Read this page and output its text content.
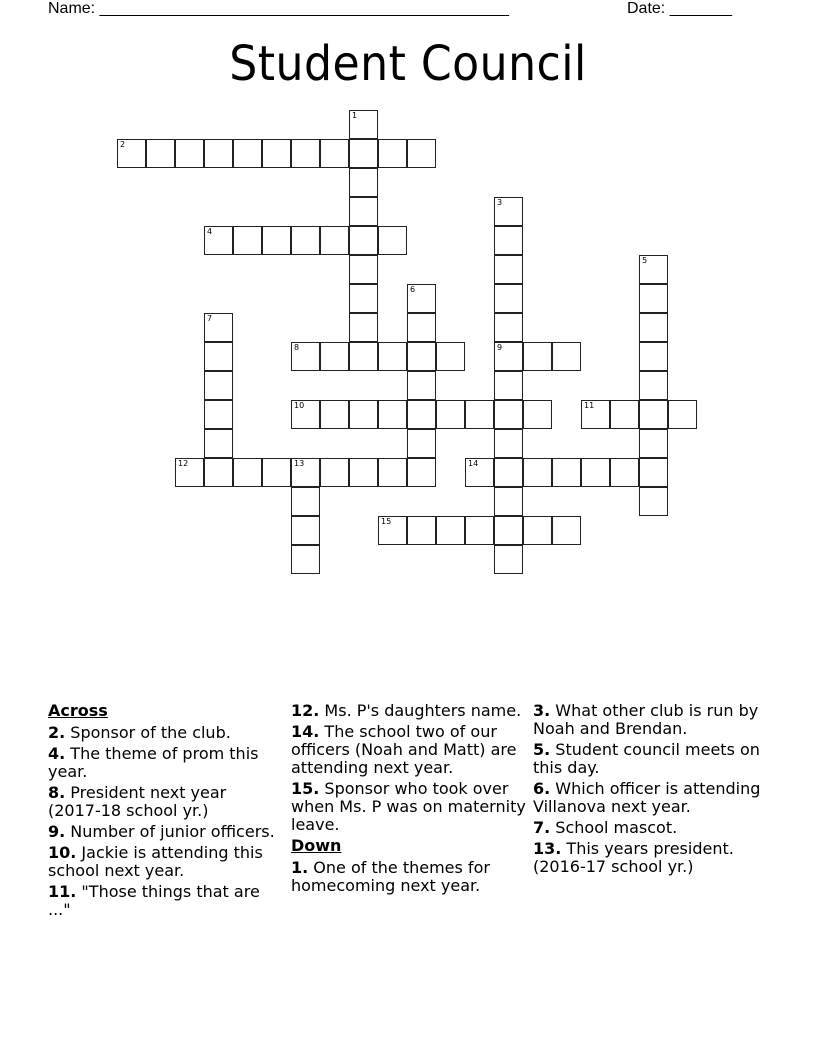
Name: ______________________________________________	Date: _______
Student Council
1
2
3
9
4
5
6
7
8
10	11
12	13	14
15
Across
2. Sponsor of the club.
4. The theme of prom this year.
8. President next year (2017-18 school yr.)
9. Number of junior officers.
10. Jackie is attending this school next year.
11. "Those things that are ..."
12. Ms. P's daughters name.
14. The school two of our officers (Noah and Matt) are attending next year.
15. Sponsor who took over when Ms. P was on maternity leave.
Down
1. One of the themes for homecoming next year.
3. What other club is run by Noah and Brendan.
5. Student council meets on this day.
6. Which officer is attending Villanova next year.
7. School mascot.
13. This years president. (2016-17 school yr.)
